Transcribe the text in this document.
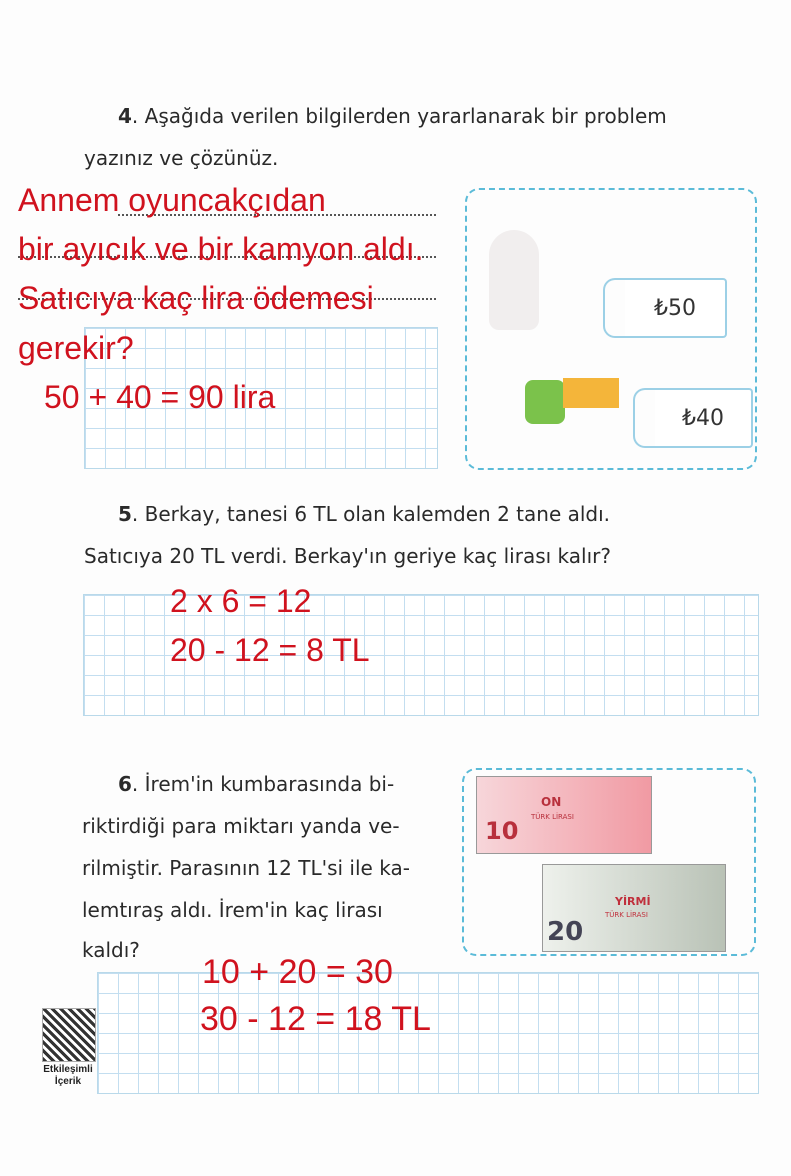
4. Aşağıda verilen bilgilerden yararlanarak bir problem
yazınız ve çözünüz.
Annem oyuncakçıdan
bir ayıcık ve bir kamyon aldı.
Satıcıya kaç lira ödemesi
gerekir?
50 + 40 = 90 lira
₺50
₺40
5. Berkay, tanesi 6 TL olan kalemden 2 tane aldı.
Satıcıya 20 TL verdi. Berkay'ın geriye kaç lirası kalır?
2 x 6 = 12
20 - 12 = 8 TL
6. İrem'in kumbarasında bi-
riktirdiği para miktarı yanda ve-
rilmiştir. Parasının 12 TL'si ile ka-
lemtıraş aldı. İrem'in kaç lirası
kaldı?
10
ON
TÜRK LİRASI
20
YİRMİ
TÜRK LİRASI
10 + 20 = 30
30 - 12 = 18 TL
Etkileşimli
İçerik
